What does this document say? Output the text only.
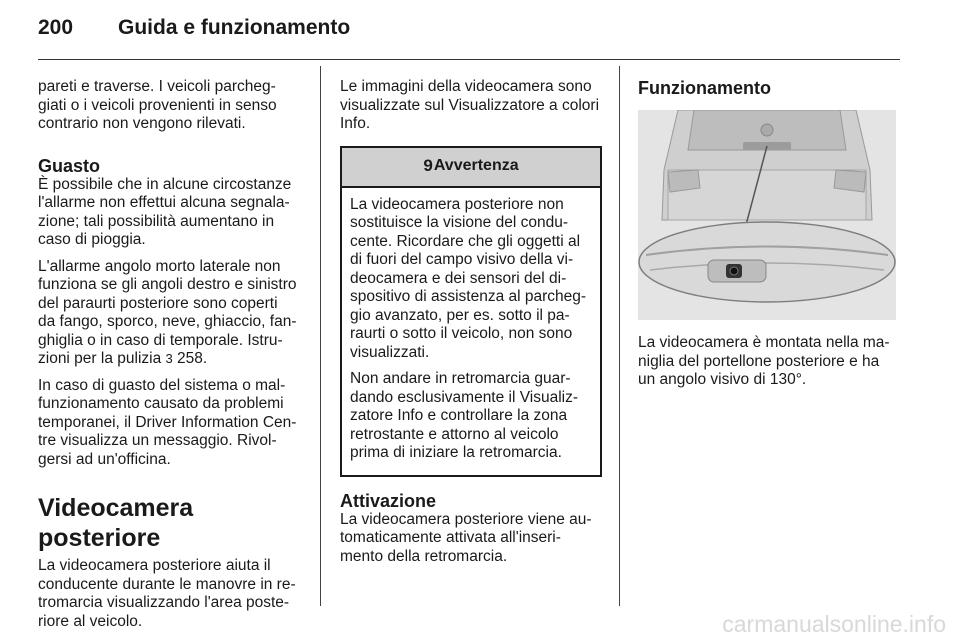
200 Guida e funzionamento

pareti e traverse. I veicoli parcheg-
giati o i veicoli provenienti in senso
contrario non vengono rilevati.

Guasto

È possibile che in alcune circostanze
l'allarme non effettui alcuna segnala-
zione; tali possibilità aumentano in
caso di pioggia.

L'allarme angolo morto laterale non
funziona se gli angoli destro e sinistro
del paraurti posteriore sono coperti
da fango, sporco, neve, ghiaccio, fan-
ghiglia o in caso di temporale. Istru-
zioni per la pulizia 3 258.

In caso di guasto del sistema o mal-
funzionamento causato da problemi
temporanei, il Driver Information Cen-
tre visualizza un messaggio. Rivol-
gersi ad un'officina.

Videocamera posteriore

La videocamera posteriore aiuta il
conducente durante le manovre in re-
tromarcia visualizzando l'area poste-
riore al veicolo.

Le immagini della videocamera sono
visualizzate sul Visualizzatore a colori
Info.

9 Avvertenza

La videocamera posteriore non
sostituisce la visione del condu-
cente. Ricordare che gli oggetti al
di fuori del campo visivo della vi-
deocamera e dei sensori del di-
spositivo di assistenza al parcheg-
gio avanzato, per es. sotto il pa-
raurti o sotto il veicolo, non sono
visualizzati.

Non andare in retromarcia guar-
dando esclusivamente il Visualiz-
zatore Info e controllare la zona
retrostante e attorno al veicolo
prima di iniziare la retromarcia.

Attivazione

La videocamera posteriore viene au-
tomaticamente attivata all'inseri-
mento della retromarcia.

Funzionamento

La videocamera è montata nella ma-
niglia del portellone posteriore e ha
un angolo visivo di 130°.

carmanualsonline.info
